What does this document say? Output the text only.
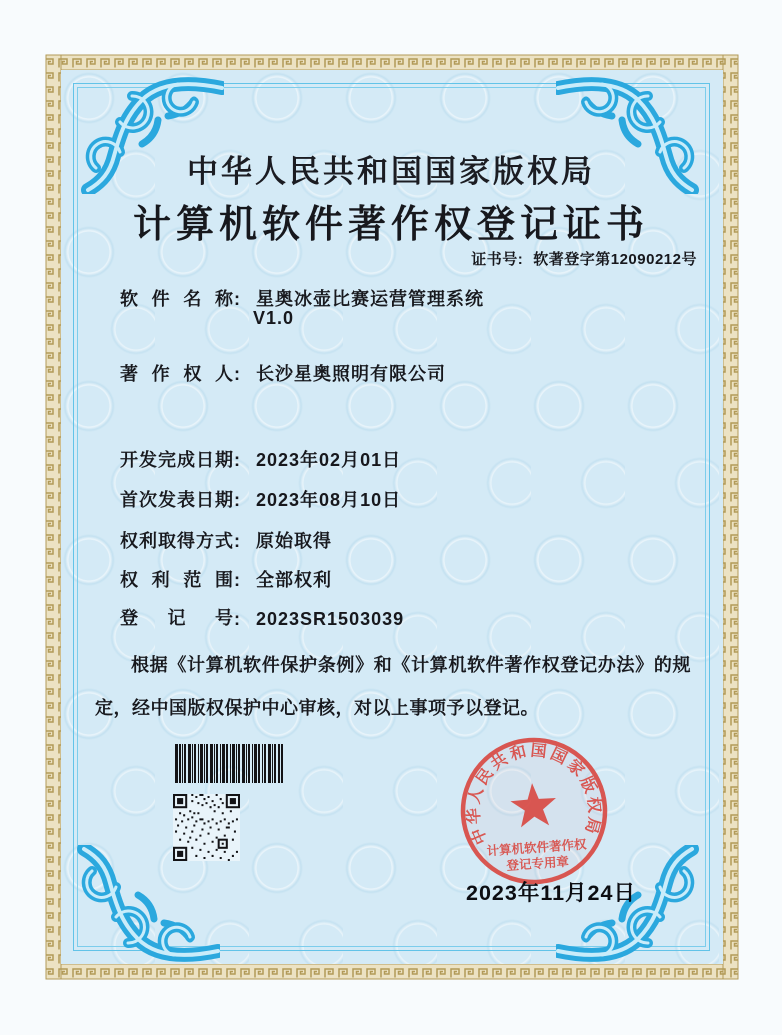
中华人民共和国国家版权局
计算机软件著作权登记证书
证书号: 软著登字第12090212号
软件名称: 星奥冰壶比赛运营管理系统
V1.0
著作权人: 长沙星奥照明有限公司
开发完成日期: 2023年02月01日
首次发表日期: 2023年08月10日
权利取得方式: 原始取得
权利范围: 全部权利
登记号: 2023SR1503039
根据《计算机软件保护条例》和《计算机软件著作权登记办法》的规定，经中国版权保护中心审核，对以上事项予以登记。
中华人民共和国国家版权局
计算机软件著作权
登记专用章
2023年11月24日
